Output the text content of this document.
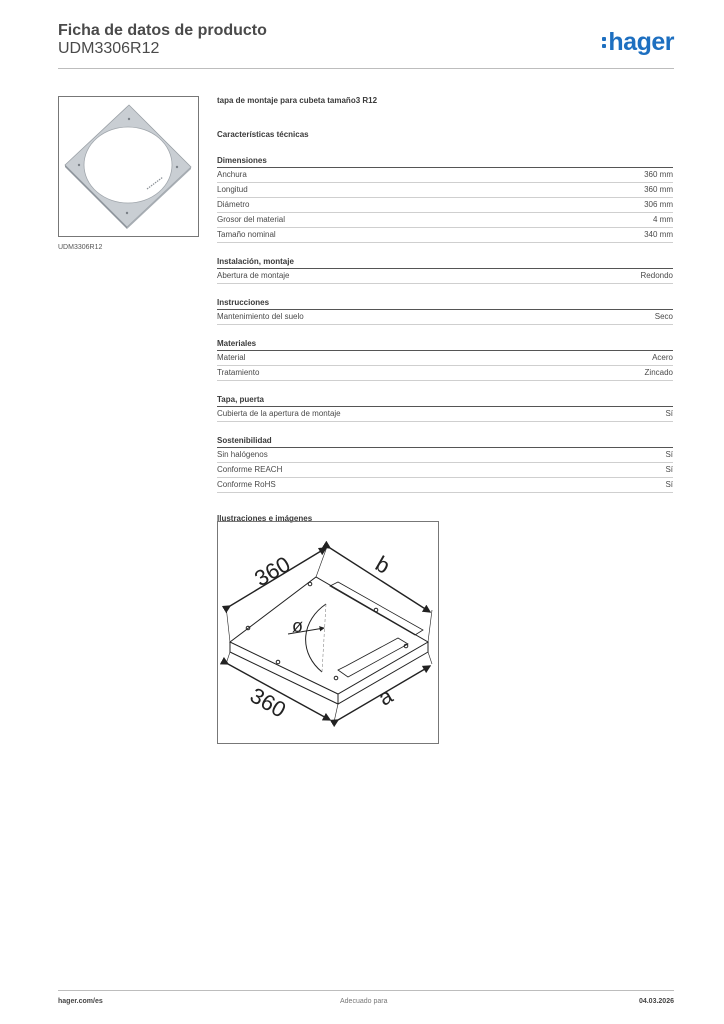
Ficha de datos de producto
UDM3306R12	hager
UDM3306R12
tapa de montaje para cubeta tamaño3 R12
Características técnicas
Dimensiones
Anchura	360 mm
Longitud	360 mm
Diámetro	306 mm
Grosor del material	4 mm
Tamaño nominal	340 mm
Instalación, montaje
Abertura de montaje	Redondo
Instrucciones
Mantenimiento del suelo	Seco
Materiales
Material	Acero
Tratamiento	Zincado
Tapa, puerta
Cubierta de la apertura de montaje	Sí
Sostenibilidad
Sin halógenos	Sí
Conforme REACH	Sí
Conforme RoHS	Sí
Ilustraciones e imágenes
360	b
360	a
ø
hager.com/es	Adecuado para	04.03.2026
